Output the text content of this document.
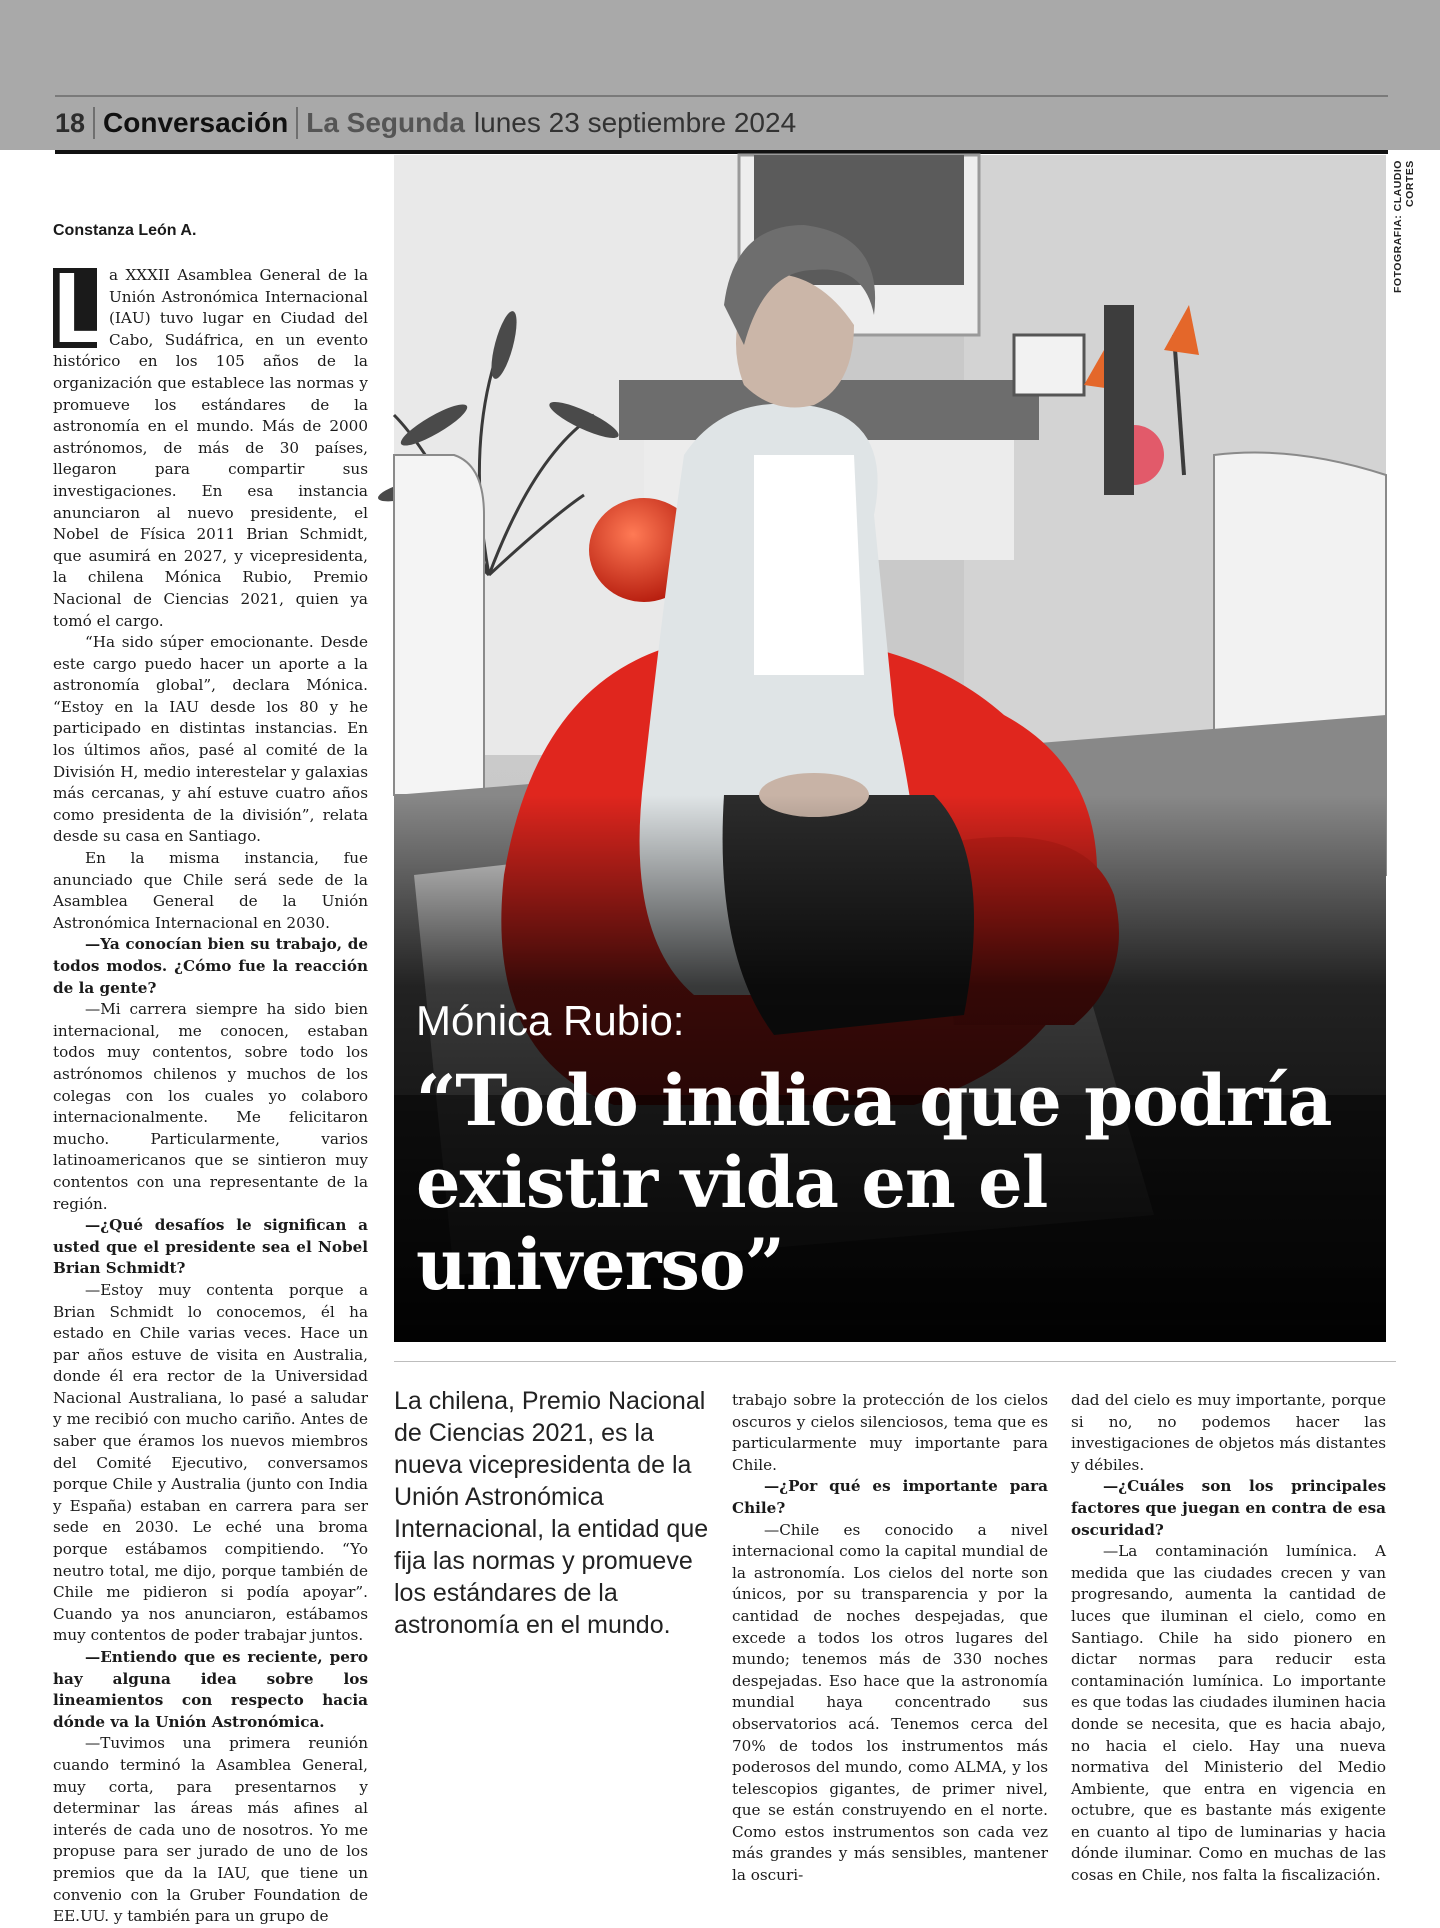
18 Conversación La Segunda lunes 23 septiembre 2024
Constanza León A.

L
a XXXII Asamblea General de la Unión Astronómica Internacional (IAU) tuvo lugar en Ciudad del Cabo, Sudáfrica, en un evento histórico en los 105 años de la organización que establece las normas y promueve los estándares de la astronomía en el mundo. Más de 2000 astrónomos, de más de 30 países, llegaron para compartir sus investigaciones. En esa instancia anunciaron al nuevo presidente, el Nobel de Física 2011 Brian Schmidt, que asumirá en 2027, y vicepresidenta, la chilena Mónica Rubio, Premio Nacional de Ciencias 2021, quien ya tomó el cargo.

“Ha sido súper emocionante. Desde este cargo puedo hacer un aporte a la astronomía global”, declara Mónica. “Estoy en la IAU desde los 80 y he participado en distintas instancias. En los últimos años, pasé al comité de la División H, medio interestelar y galaxias más cercanas, y ahí estuve cuatro años como presidenta de la división”, relata desde su casa en Santiago.

En la misma instancia, fue anunciado que Chile será sede de la Asamblea General de la Unión Astronómica Internacional en 2030.

—Ya conocían bien su trabajo, de todos modos. ¿Cómo fue la reacción de la gente?

—Mi carrera siempre ha sido bien internacional, me conocen, estaban todos muy contentos, sobre todo los astrónomos chilenos y muchos de los colegas con los cuales yo colaboro internacionalmente. Me felicitaron mucho. Particularmente, varios latinoamericanos que se sintieron muy contentos con una representante de la región.

—¿Qué desafíos le significan a usted que el presidente sea el Nobel Brian Schmidt?

—Estoy muy contenta porque a Brian Schmidt lo conocemos, él ha estado en Chile varias veces. Hace un par años estuve de visita en Australia, donde él era rector de la Universidad Nacional Australiana, lo pasé a saludar y me recibió con mucho cariño. Antes de saber que éramos los nuevos miembros del Comité Ejecutivo, conversamos porque Chile y Australia (junto con India y España) estaban en carrera para ser sede en 2030. Le eché una broma porque estábamos compitiendo. “Yo neutro total, me dijo, porque también de Chile me pidieron si podía apoyar”. Cuando ya nos anunciaron, estábamos muy contentos de poder trabajar juntos.

—Entiendo que es reciente, pero hay alguna idea sobre los lineamientos con respecto hacia dónde va la Unión Astronómica.

—Tuvimos una primera reunión cuando terminó la Asamblea General, muy corta, para presentarnos y determinar las áreas más afines al interés de cada uno de nosotros. Yo me propuse para ser jurado de uno de los premios que da la IAU, que tiene un convenio con la Gruber Foundation de EE.UU. y también para un grupo de

Mónica Rubio:
“Todo indica que podría existir vida en el universo”
FOTOGRAFIA: CLAUDIO CORTES
La chilena, Premio Nacional de Ciencias 2021, es la nueva vicepresidenta de la Unión Astronómica Internacional, la entidad que fija las normas y promueve los estándares de la astronomía en el mundo.

trabajo sobre la protección de los cielos oscuros y cielos silenciosos, tema que es particularmente muy importante para Chile.

—¿Por qué es importante para Chile?

—Chile es conocido a nivel internacional como la capital mundial de la astronomía. Los cielos del norte son únicos, por su transparencia y por la cantidad de noches despejadas, que excede a todos los otros lugares del mundo; tenemos más de 330 noches despejadas. Eso hace que la astronomía mundial haya concentrado sus observatorios acá. Tenemos cerca del 70% de todos los instrumentos más poderosos del mundo, como ALMA, y los telescopios gigantes, de primer nivel, que se están construyendo en el norte. Como estos instrumentos son cada vez más grandes y más sensibles, mantener la oscuri-

dad del cielo es muy importante, porque si no, no podemos hacer las investigaciones de objetos más distantes y débiles.

—¿Cuáles son los principales factores que juegan en contra de esa oscuridad?

—La contaminación lumínica. A medida que las ciudades crecen y van progresando, aumenta la cantidad de luces que iluminan el cielo, como en Santiago. Chile ha sido pionero en dictar normas para reducir esta contaminación lumínica. Lo importante es que todas las ciudades iluminen hacia donde se necesita, que es hacia abajo, no hacia el cielo. Hay una nueva normativa del Ministerio del Medio Ambiente, que entra en vigencia en octubre, que es bastante más exigente en cuanto al tipo de luminarias y hacia dónde iluminar. Como en muchas de las cosas en Chile, nos falta la fiscalización.
